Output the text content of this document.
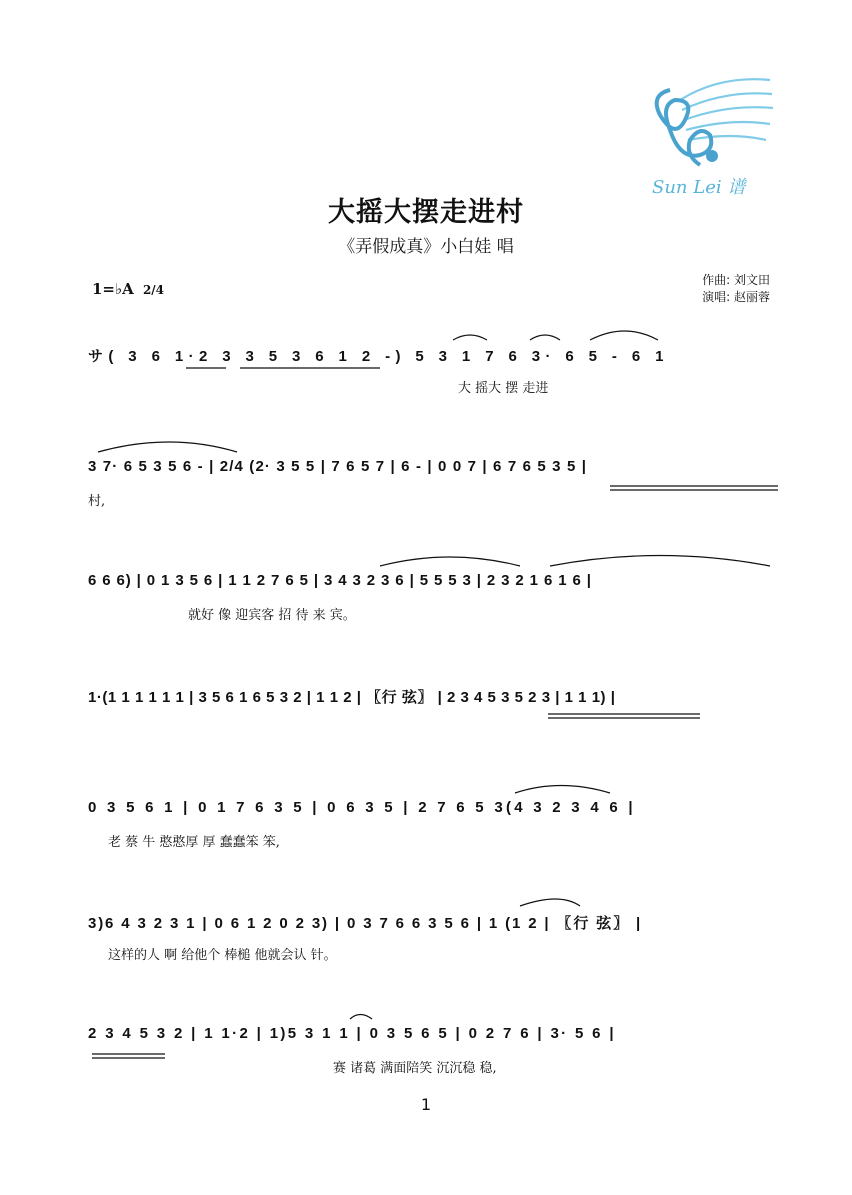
Sun Lei 谱
大摇大摆走进村
《弄假成真》小白娃 唱
1=♭A 2/4
作曲: 刘文田
演唱: 赵丽蓉
サ( 3 6 1·2 3 3 5 3 6 1 2 -) 5 3 1 7 6 3· 6 5 - 6 1
大 摇大 摆 走进
3 7· 6 5 3 5 6 - | 2/4 (2· 3 5 5 | 7 6 5 7 | 6 - | 0 0 7 | 6 7 6 5 3 5 |
村,
6 6 6) | 0 1 3 5 6 | 1 1 2 7 6 5 | 3 4 3 2 3 6 | 5 5 5 3 | 2 3 2 1 6 1 6 |
就好 像 迎宾客 招 待 来 宾。
1·(1 1 1 1 1 1 | 3 5 6 1 6 5 3 2 | 1 1 2 | 〖行 弦〗 | 2 3 4 5 3 5 2 3 | 1 1 1) |
0 3 5 6 1 | 0 1 7 6 3 5 | 0 6 3 5 | 2 7 6 5 3(4 3 2 3 4 6 |
老 蔡 牛 憨憨厚 厚 蠢蠢笨 笨,
3)6 4 3 2 3 1 | 0 6 1 2 0 2 3) | 0 3 7 6 6 3 5 6 | 1 (1 2 | 〖行 弦〗 |
这样的人 啊 给他个 棒槌 他就会认 针。
2 3 4 5 3 2 | 1 1·2 | 1)5 3 1 1 | 0 3 5 6 5 | 0 2 7 6 | 3· 5 6 |
赛 诸葛 满面陪笑 沉沉稳 稳,
1
